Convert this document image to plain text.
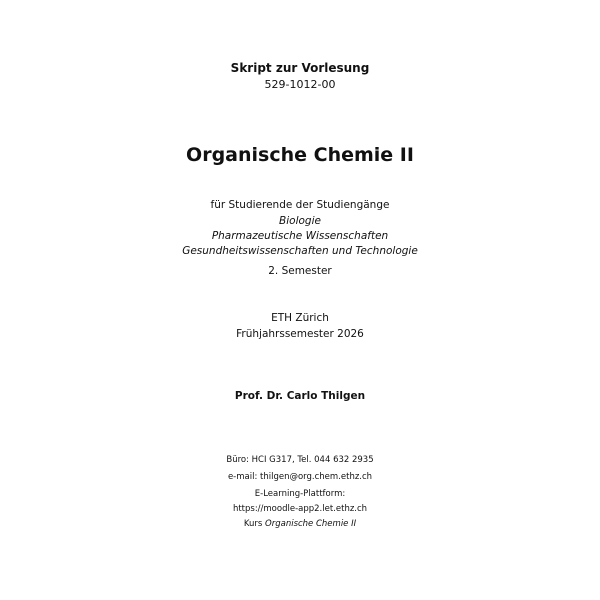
Skript zur Vorlesung
529-1012-00
Organische Chemie II
für Studierende der Studiengänge
Biologie
Pharmazeutische Wissenschaften
Gesundheitswissenschaften und Technologie
2. Semester
ETH Zürich
Frühjahrssemester 2026
Prof. Dr. Carlo Thilgen
Büro: HCI G317, Tel. 044 632 2935
e-mail: thilgen@org.chem.ethz.ch
E-Learning-Plattform:
https://moodle-app2.let.ethz.ch
Kurs Organische Chemie II
